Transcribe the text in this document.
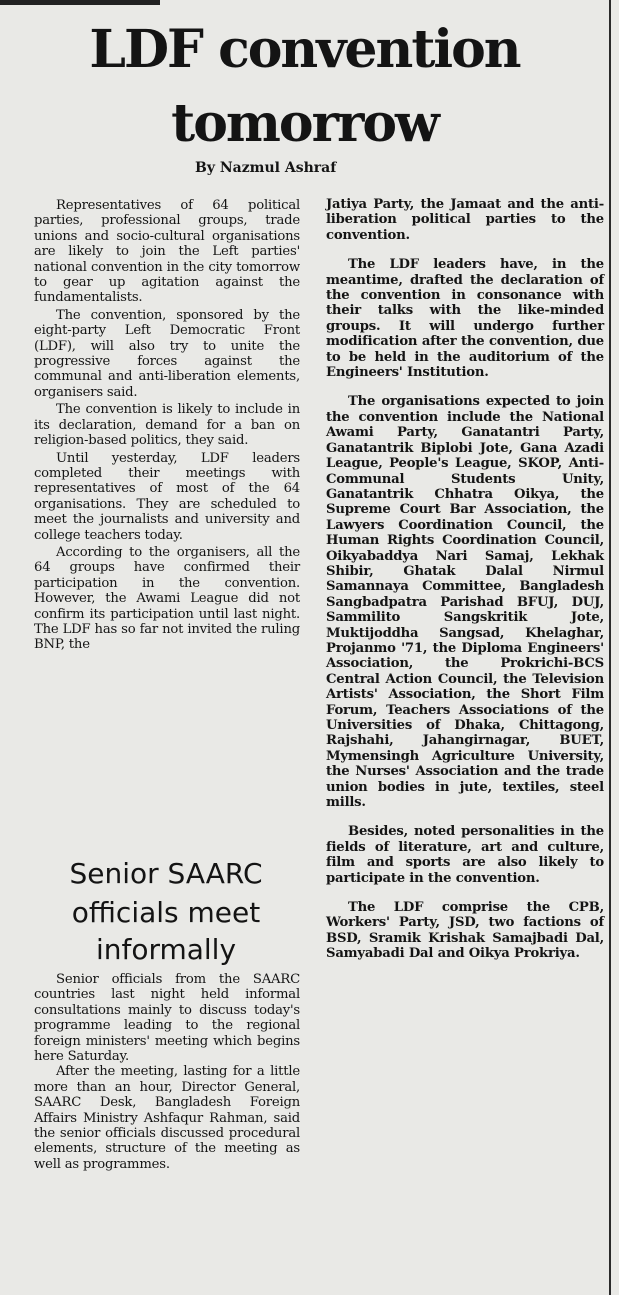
LDF convention
tomorrow
By Nazmul Ashraf

Representatives of 64 political parties, professional groups, trade unions and socio-cultural organisations are likely to join the Left parties' national convention in the city tomorrow to gear up agitation against the fundamentalists.

The convention, sponsored by the eight-party Left Democratic Front (LDF), will also try to unite the progressive forces against the communal and anti-liberation elements, organisers said.

The convention is likely to include in its declaration, demand for a ban on religion-based politics, they said.

Until yesterday, LDF leaders completed their meetings with representatives of most of the 64 organisations. They are scheduled to meet the journalists and university and college teachers today.

According to the organisers, all the 64 groups have confirmed their participation in the convention. However, the Awami League did not confirm its participation until last night. The LDF has so far not invited the ruling BNP, the

Senior SAARC
officials meet
informally

Senior officials from the SAARC countries last night held informal consultations mainly to discuss today's programme leading to the regional foreign ministers' meeting which begins here Saturday.

After the meeting, lasting for a little more than an hour, Director General, SAARC Desk, Bangladesh Foreign Affairs Ministry Ashfaqur Rahman, said the senior officials discussed procedural elements, structure of the meeting as well as programmes.

Jatiya Party, the Jamaat and the anti-liberation political parties to the convention.

The LDF leaders have, in the meantime, drafted the declaration of the convention in consonance with their talks with the like-minded groups. It will undergo further modification after the convention, due to be held in the auditorium of the Engineers' Institution.

The organisations expected to join the convention include the National Awami Party, Ganatantri Party, Ganatantrik Biplobi Jote, Gana Azadi League, People's League, SKOP, Anti-Communal Students Unity, Ganatantrik Chhatra Oikya, the Supreme Court Bar Association, the Lawyers Coordination Council, the Human Rights Coordination Council, Oikyabaddya Nari Samaj, Lekhak Shibir, Ghatak Dalal Nirmul Samannaya Committee, Bangladesh Sangbadpatra Parishad BFUJ, DUJ, Sammilito Sangskritik Jote, Muktijoddha Sangsad, Khelaghar, Projanmo '71, the Diploma Engineers' Association, the Prokrichi-BCS Central Action Council, the Television Artists' Association, the Short Film Forum, Teachers Associations of the Universities of Dhaka, Chittagong, Rajshahi, Jahangirnagar, BUET, Mymensingh Agriculture University, the Nurses' Association and the trade union bodies in jute, textiles, steel mills.

Besides, noted personalities in the fields of literature, art and culture, film and sports are also likely to participate in the convention.

The LDF comprise the CPB, Workers' Party, JSD, two factions of BSD, Sramik Krishak Samajbadi Dal, Samyabadi Dal and Oikya Prokriya.
